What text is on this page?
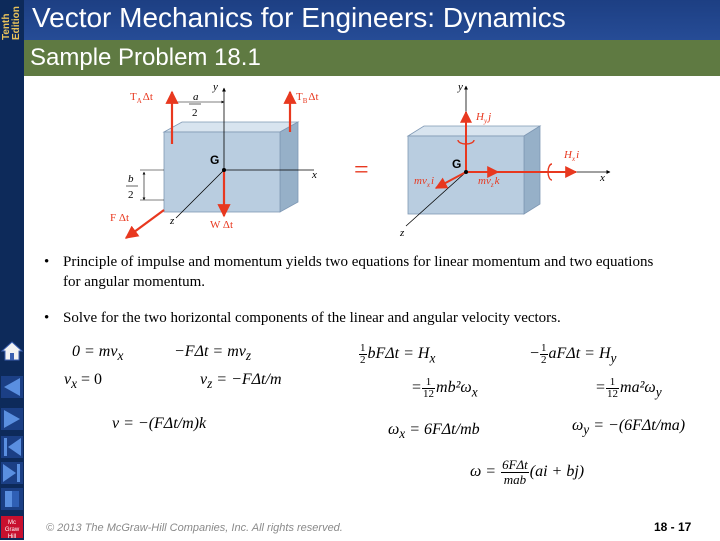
Tenth Edition
Mc
Graw
Hill
Vector Mechanics for Engineers: Dynamics
Sample Problem 18.1
$T_A\Delta t$	$T_B\Delta t$
a
2
b
2
y
x
z
G
F Δt
W Δt
=
y
x
z
G
$H_yj$
$H_xi$
$mv_xi$	$mv_zk$
• Principle of impulse and momentum yields two equations for linear momentum and two equations for angular momentum.
• Solve for the two horizontal components of the linear and angular velocity vectors.
$0 = mv_x$	$-F\Delta t = mv_z$
$v_x = 0$	$v_z = -F\Delta t/m$
v = −(FΔt/m)k
$\frac{1}{2}$ $bF\Delta t = H_x$	− $\frac{1}{2}$ $aF\Delta t = H_y$
= $\frac{1}{12} mb^2\omega_x$	= $\frac{1}{12} ma^2\omega_y$
$\omega_x = 6F\Delta t/mb$	$\omega_y = -(6F\Delta t/ma)$
$\omega = \frac{\text{6FΔt}}{\text{mab}} (ai + bj)$
© 2013 The McGraw-Hill Companies, Inc. All rights reserved.	18 - 17
